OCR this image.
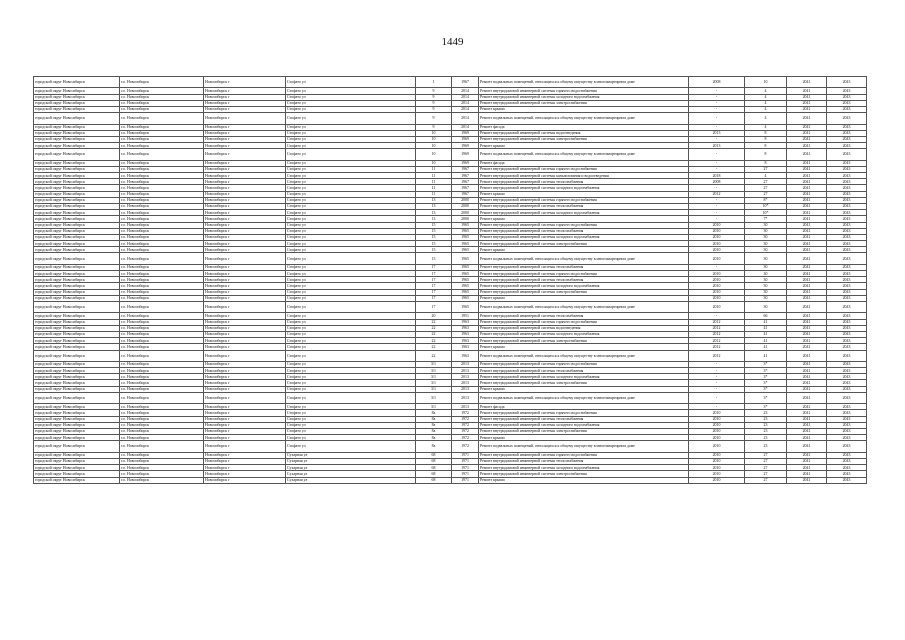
1449
городской округ Новосибирск	г.о. Новосибирск	Новосибирск г	Стофато ул	1	1967	Ремонт подвальных помещений, относящихся к общему имуществу в многоквартирном доме	2008	10	2041	2043
городской округ Новосибирск	г.о. Новосибирск	Новосибирск г	Стофато ул	9	2014	Ремонт внутридомовой инженерной системы горячего водоснабжения	-	4	2041	2043
городской округ Новосибирск	г.о. Новосибирск	Новосибирск г	Стофато ул	9	2014	Ремонт внутридомовой инженерной системы холодного водоснабжения	-	4	2041	2043
городской округ Новосибирск	г.о. Новосибирск	Новосибирск г	Стофато ул	9	2014	Ремонт внутридомовой инженерной системы электроснабжения	-	4	2041	2043
городской округ Новосибирск	г.о. Новосибирск	Новосибирск г	Стофато ул	9	2014	Ремонт крыши	-	4	2041	2043
городской округ Новосибирск	г.о. Новосибирск	Новосибирск г	Стофато ул	9	2014	Ремонт подвальных помещений, относящихся к общему имуществу в многоквартирном доме	-	4	2041	2043
городской округ Новосибирск	г.о. Новосибирск	Новосибирск г	Стофато ул	9	2014	Ремонт фасада	-	4	2041	2043
городской округ Новосибирск	г.о. Новосибирск	Новосибирск г	Стофато ул	10	1969	Ремонт внутридомовой инженерной системы водоотведения	2013	8	2041	2043
городской округ Новосибирск	г.о. Новосибирск	Новосибирск г	Стофато ул	10	1969	Ремонт внутридомовой инженерной системы электроснабжения	-	8	2041	2043
городской округ Новосибирск	г.о. Новосибирск	Новосибирск г	Стофато ул	10	1969	Ремонт крыши	2013	8	2041	2043
городской округ Новосибирск	г.о. Новосибирск	Новосибирск г	Стофато ул	10	1969	Ремонт подвальных помещений, относящихся к общему имуществу в многоквартирном доме	-	8	2041	2043
городской округ Новосибирск	г.о. Новосибирск	Новосибирск г	Стофато ул	10	1969	Ремонт фасада	-	8	2041	2043
городской округ Новосибирск	г.о. Новосибирск	Новосибирск г	Стофато ул	11	1967	Ремонт внутридомовой инженерной системы горячего водоснабжения	-	27	2041	2043
городской округ Новосибирск	г.о. Новосибирск	Новосибирск г	Стофато ул	11	1967	Ремонт внутридомовой инженерной системы канализования и водоотведения	2018	4	2041	2043
городской округ Новосибирск	г.о. Новосибирск	Новосибирск г	Стофато ул	11	1967	Ремонт внутридомовой инженерной системы теплоснабжения	2008	27	2041	2043
городской округ Новосибирск	г.о. Новосибирск	Новосибирск г	Стофато ул	11	1967	Ремонт внутридомовой инженерной системы холодного водоснабжения	-	27	2041	2043
городской округ Новосибирск	г.о. Новосибирск	Новосибирск г	Стофато ул	11	1967	Ремонт крыши	2012	27	2041	2043
городской округ Новосибирск	г.о. Новосибирск	Новосибирск г	Стофато ул	13	2000	Ремонт внутридомовой инженерной системы горячего водоснабжения	-	8*	2041	2043
городской округ Новосибирск	г.о. Новосибирск	Новосибирск г	Стофато ул	13	2000	Ремонт внутридомовой инженерной системы теплоснабжения	-	10*	2041	2043
городской округ Новосибирск	г.о. Новосибирск	Новосибирск г	Стофато ул	13	2000	Ремонт внутридомовой инженерной системы холодного водоснабжения	-	10*	2041	2043
городской округ Новосибирск	г.о. Новосибирск	Новосибирск г	Стофато ул	13	2000	Ремонт крыши	-	7*	2041	2043
городской округ Новосибирск	г.о. Новосибирск	Новосибирск г	Стофато ул	15	1965	Ремонт внутридомовой инженерной системы горячего водоснабжения	2010	30	2041	2043
городской округ Новосибирск	г.о. Новосибирск	Новосибирск г	Стофато ул	15	1965	Ремонт внутридомовой инженерной системы теплоснабжения	2010	30	2041	2043
городской округ Новосибирск	г.о. Новосибирск	Новосибирск г	Стофато ул	15	1965	Ремонт внутридомовой инженерной системы холодного водоснабжения	2010	30	2041	2043
городской округ Новосибирск	г.о. Новосибирск	Новосибирск г	Стофато ул	15	1965	Ремонт внутридомовой инженерной системы электроснабжения	2010	30	2041	2043
городской округ Новосибирск	г.о. Новосибирск	Новосибирск г	Стофато ул	15	1965	Ремонт крыши	2010	30	2041	2043
городской округ Новосибирск	г.о. Новосибирск	Новосибирск г	Стофато ул	15	1965	Ремонт подвальных помещений, относящихся к общему имуществу в многоквартирном доме	2010	30	2041	2043
городской округ Новосибирск	г.о. Новосибирск	Новосибирск г	Стофато ул	17	1965	Ремонт внутридомовой инженерной системы теплоснабжения	-	30	2041	2043
городской округ Новосибирск	г.о. Новосибирск	Новосибирск г	Стофато ул	17	1965	Ремонт внутридомовой инженерной системы горячего водоснабжения	2010	30	2041	2043
городской округ Новосибирск	г.о. Новосибирск	Новосибирск г	Стофато ул	17	1965	Ремонт внутридомовой инженерной системы теплоснабжения	2010	30	2041	2043
городской округ Новосибирск	г.о. Новосибирск	Новосибирск г	Стофато ул	17	1965	Ремонт внутридомовой инженерной системы холодного водоснабжения	2010	30	2041	2043
городской округ Новосибирск	г.о. Новосибирск	Новосибирск г	Стофато ул	17	1965	Ремонт внутридомовой инженерной системы электроснабжения	2010	30	2041	2043
городской округ Новосибирск	г.о. Новосибирск	Новосибирск г	Стофато ул	17	1965	Ремонт крыши	2010	30	2041	2043
городской округ Новосибирск	г.о. Новосибирск	Новосибирск г	Стофато ул	17	1965	Ремонт подвальных помещений, относящихся к общему имуществу в многоквартирном доме	2010	30	2041	2043
городской округ Новосибирск	г.о. Новосибирск	Новосибирск г	Стофато ул	20	1951	Ремонт внутридомовой инженерной системы теплоснабжения	-	66	2041	2043
городской округ Новосибирск	г.о. Новосибирск	Новосибирск г	Стофато ул	22	1963	Ремонт внутридомовой инженерной системы горячего водоснабжения	2012	41	2041	2043
городской округ Новосибирск	г.о. Новосибирск	Новосибирск г	Стофато ул	22	1963	Ремонт внутридомовой инженерной системы водоотведения	2012	41	2041	2043
городской округ Новосибирск	г.о. Новосибирск	Новосибирск г	Стофато ул	22	1963	Ремонт внутридомовой инженерной системы холодного водоснабжения	2012	41	2041	2043
городской округ Новосибирск	г.о. Новосибирск	Новосибирск г	Стофато ул	22	1963	Ремонт внутридомовой инженерной системы электроснабжения	2012	41	2041	2043
городской округ Новосибирск	г.о. Новосибирск	Новосибирск г	Стофато ул	22	1963	Ремонт крыши	2012	41	2041	2043
городской округ Новосибирск	г.о. Новосибирск	Новосибирск г	Стофато ул	22	1963	Ремонт подвальных помещений, относящихся к общему имуществу в многоквартирном доме	2012	41	2041	2043
городской округ Новосибирск	г.о. Новосибирск	Новосибирск г	Стофато ул	3/1	2013	Ремонт внутридомовой инженерной системы горячего водоснабжения	-	3*	2041	2043
городской округ Новосибирск	г.о. Новосибирск	Новосибирск г	Стофато ул	3/1	2013	Ремонт внутридомовой инженерной системы теплоснабжения	-	3*	2041	2043
городской округ Новосибирск	г.о. Новосибирск	Новосибирск г	Стофато ул	3/1	2013	Ремонт внутридомовой инженерной системы холодного водоснабжения	-	3*	2041	2043
городской округ Новосибирск	г.о. Новосибирск	Новосибирск г	Стофато ул	3/1	2013	Ремонт внутридомовой инженерной системы электроснабжения	-	3*	2041	2043
городской округ Новосибирск	г.о. Новосибирск	Новосибирск г	Стофато ул	3/1	2013	Ремонт крыши	-	3*	2041	2043
городской округ Новосибирск	г.о. Новосибирск	Новосибирск г	Стофато ул	3/1	2013	Ремонт подвальных помещений, относящихся к общему имуществу в многоквартирном доме	-	3*	2041	2043
городской округ Новосибирск	г.о. Новосибирск	Новосибирск г	Стофато ул	3/1	2013	Ремонт фасада	-	3*	2041	2043
городской округ Новосибирск	г.о. Новосибирск	Новосибирск г	Стофато ул	8а	1972	Ремонт внутридомовой инженерной системы горячего водоснабжения	2010	23	2041	2043
городской округ Новосибирск	г.о. Новосибирск	Новосибирск г	Стофато ул	8а	1972	Ремонт внутридомовой инженерной системы теплоснабжения	2010	23	2041	2043
городской округ Новосибирск	г.о. Новосибирск	Новосибирск г	Стофато ул	8а	1972	Ремонт внутридомовой инженерной системы холодного водоснабжения	2010	23	2041	2043
городской округ Новосибирск	г.о. Новосибирск	Новосибирск г	Стофато ул	8а	1972	Ремонт внутридомовой инженерной системы электроснабжения	2010	23	2041	2043
городской округ Новосибирск	г.о. Новосибирск	Новосибирск г	Стофато ул	8а	1972	Ремонт крыши	2010	23	2041	2043
городской округ Новосибирск	г.о. Новосибирск	Новосибирск г	Стофато ул	8а	1972	Ремонт подвальных помещений, относящихся к общему имуществу в многоквартирном доме	2010	23	2041	2043
городской округ Новосибирск	г.о. Новосибирск	Новосибирск г	Сухарная ул	68	1971	Ремонт внутридомовой инженерной системы горячего водоснабжения	2010	27	2041	2043
городской округ Новосибирск	г.о. Новосибирск	Новосибирск г	Сухарная ул	68	1971	Ремонт внутридомовой инженерной системы теплоснабжения	2010	27	2041	2043
городской округ Новосибирск	г.о. Новосибирск	Новосибирск г	Сухарная ул	68	1971	Ремонт внутридомовой инженерной системы холодного водоснабжения	2010	27	2041	2043
городской округ Новосибирск	г.о. Новосибирск	Новосибирск г	Сухарная ул	68	1971	Ремонт внутридомовой инженерной системы электроснабжения	2010	27	2041	2043
городской округ Новосибирск	г.о. Новосибирск	Новосибирск г	Сухарная ул	68	1971	Ремонт крыши	2010	27	2041	2043
